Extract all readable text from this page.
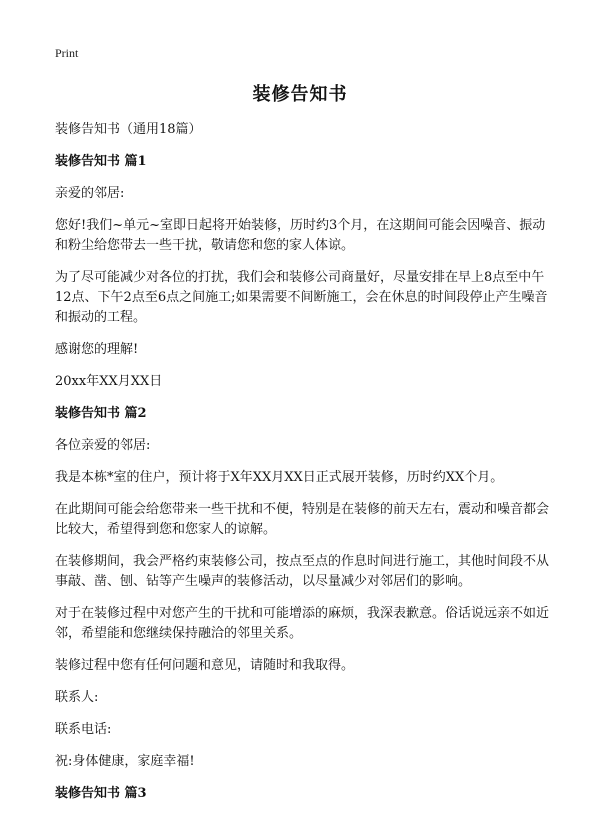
Print
装修告知书

装修告知书（通用18篇）

装修告知书 篇1

亲爱的邻居:

您好!我们~单元~室即日起将开始装修，历时约3个月，在这期间可能会因噪音、振动和粉尘给您带去一些干扰，敬请您和您的家人体谅。

为了尽可能减少对各位的打扰，我们会和装修公司商量好，尽量安排在早上8点至中午12点、下午2点至6点之间施工;如果需要不间断施工，会在休息的时间段停止产生噪音和振动的工程。

感谢您的理解!

20xx年XX月XX日

装修告知书 篇2

各位亲爱的邻居:

我是本栋*室的住户，预计将于X年XX月XX日正式展开装修，历时约XX个月。

在此期间可能会给您带来一些干扰和不便，特别是在装修的前天左右，震动和噪音都会比较大，希望得到您和您家人的谅解。

在装修期间，我会严格约束装修公司，按点至点的作息时间进行施工，其他时间段不从事敲、凿、刨、钻等产生噪声的装修活动，以尽量减少对邻居们的影响。

对于在装修过程中对您产生的干扰和可能增添的麻烦，我深表歉意。俗话说远亲不如近邻，希望能和您继续保持融洽的邻里关系。

装修过程中您有任何问题和意见，请随时和我取得。

联系人:

联系电话:

祝:身体健康，家庭幸福!

装修告知书 篇3
